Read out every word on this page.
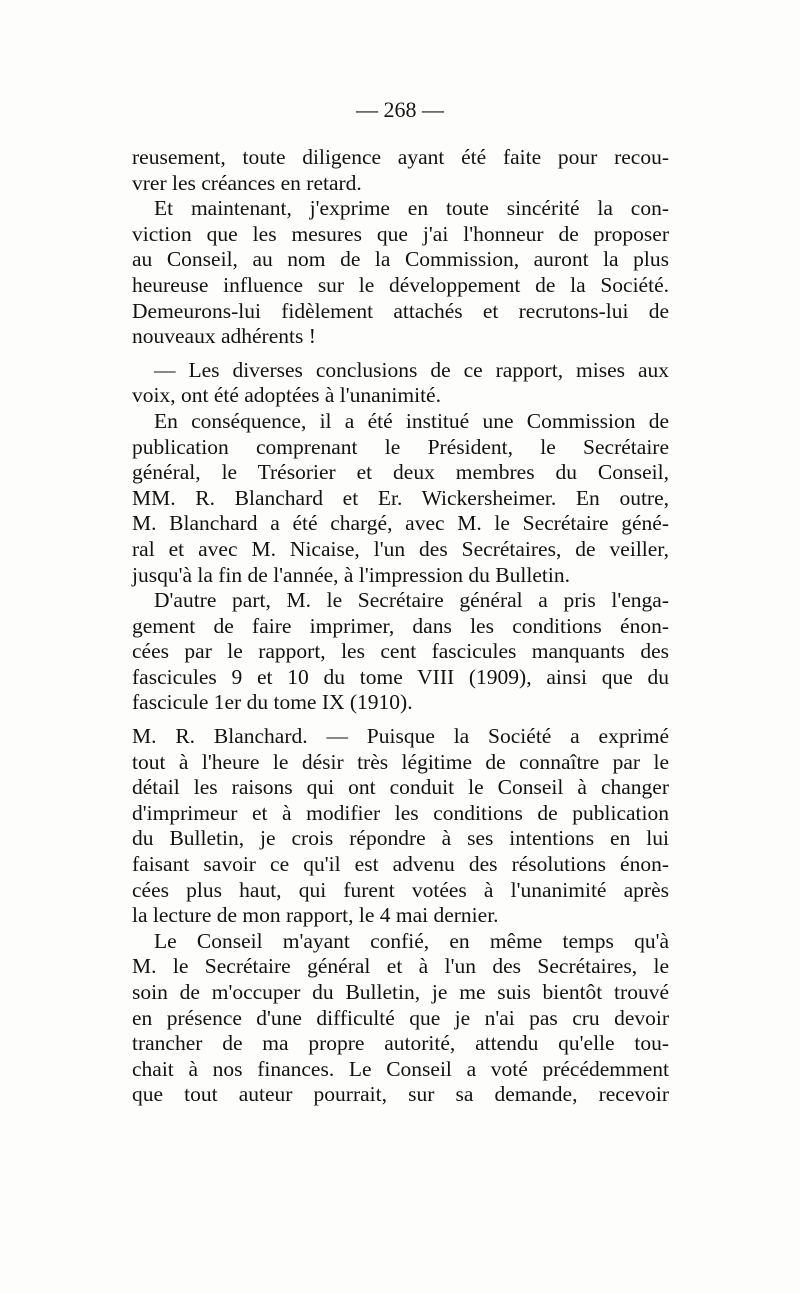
— 268 —
reusement, toute diligence ayant été faite pour recou-
vrer les créances en retard.
Et maintenant, j'exprime en toute sincérité la con-
viction que les mesures que j'ai l'honneur de proposer
au Conseil, au nom de la Commission, auront la plus
heureuse influence sur le développement de la Société.
Demeurons-lui fidèlement attachés et recrutons-lui de
nouveaux adhérents !
— Les diverses conclusions de ce rapport, mises aux
voix, ont été adoptées à l'unanimité.
En conséquence, il a été institué une Commission de
publication comprenant le Président, le Secrétaire
général, le Trésorier et deux membres du Conseil,
MM. R. Blanchard et Er. Wickersheimer. En outre,
M. Blanchard a été chargé, avec M. le Secrétaire géné-
ral et avec M. Nicaise, l'un des Secrétaires, de veiller,
jusqu'à la fin de l'année, à l'impression du Bulletin.
D'autre part, M. le Secrétaire général a pris l'enga-
gement de faire imprimer, dans les conditions énon-
cées par le rapport, les cent fascicules manquants des
fascicules 9 et 10 du tome VIII (1909), ainsi que du
fascicule 1er du tome IX (1910).
M. R. Blanchard. — Puisque la Société a exprimé
tout à l'heure le désir très légitime de connaître par le
détail les raisons qui ont conduit le Conseil à changer
d'imprimeur et à modifier les conditions de publication
du Bulletin, je crois répondre à ses intentions en lui
faisant savoir ce qu'il est advenu des résolutions énon-
cées plus haut, qui furent votées à l'unanimité après
la lecture de mon rapport, le 4 mai dernier.
Le Conseil m'ayant confié, en même temps qu'à
M. le Secrétaire général et à l'un des Secrétaires, le
soin de m'occuper du Bulletin, je me suis bientôt trouvé
en présence d'une difficulté que je n'ai pas cru devoir
trancher de ma propre autorité, attendu qu'elle tou-
chait à nos finances. Le Conseil a voté précédemment
que tout auteur pourrait, sur sa demande, recevoir
